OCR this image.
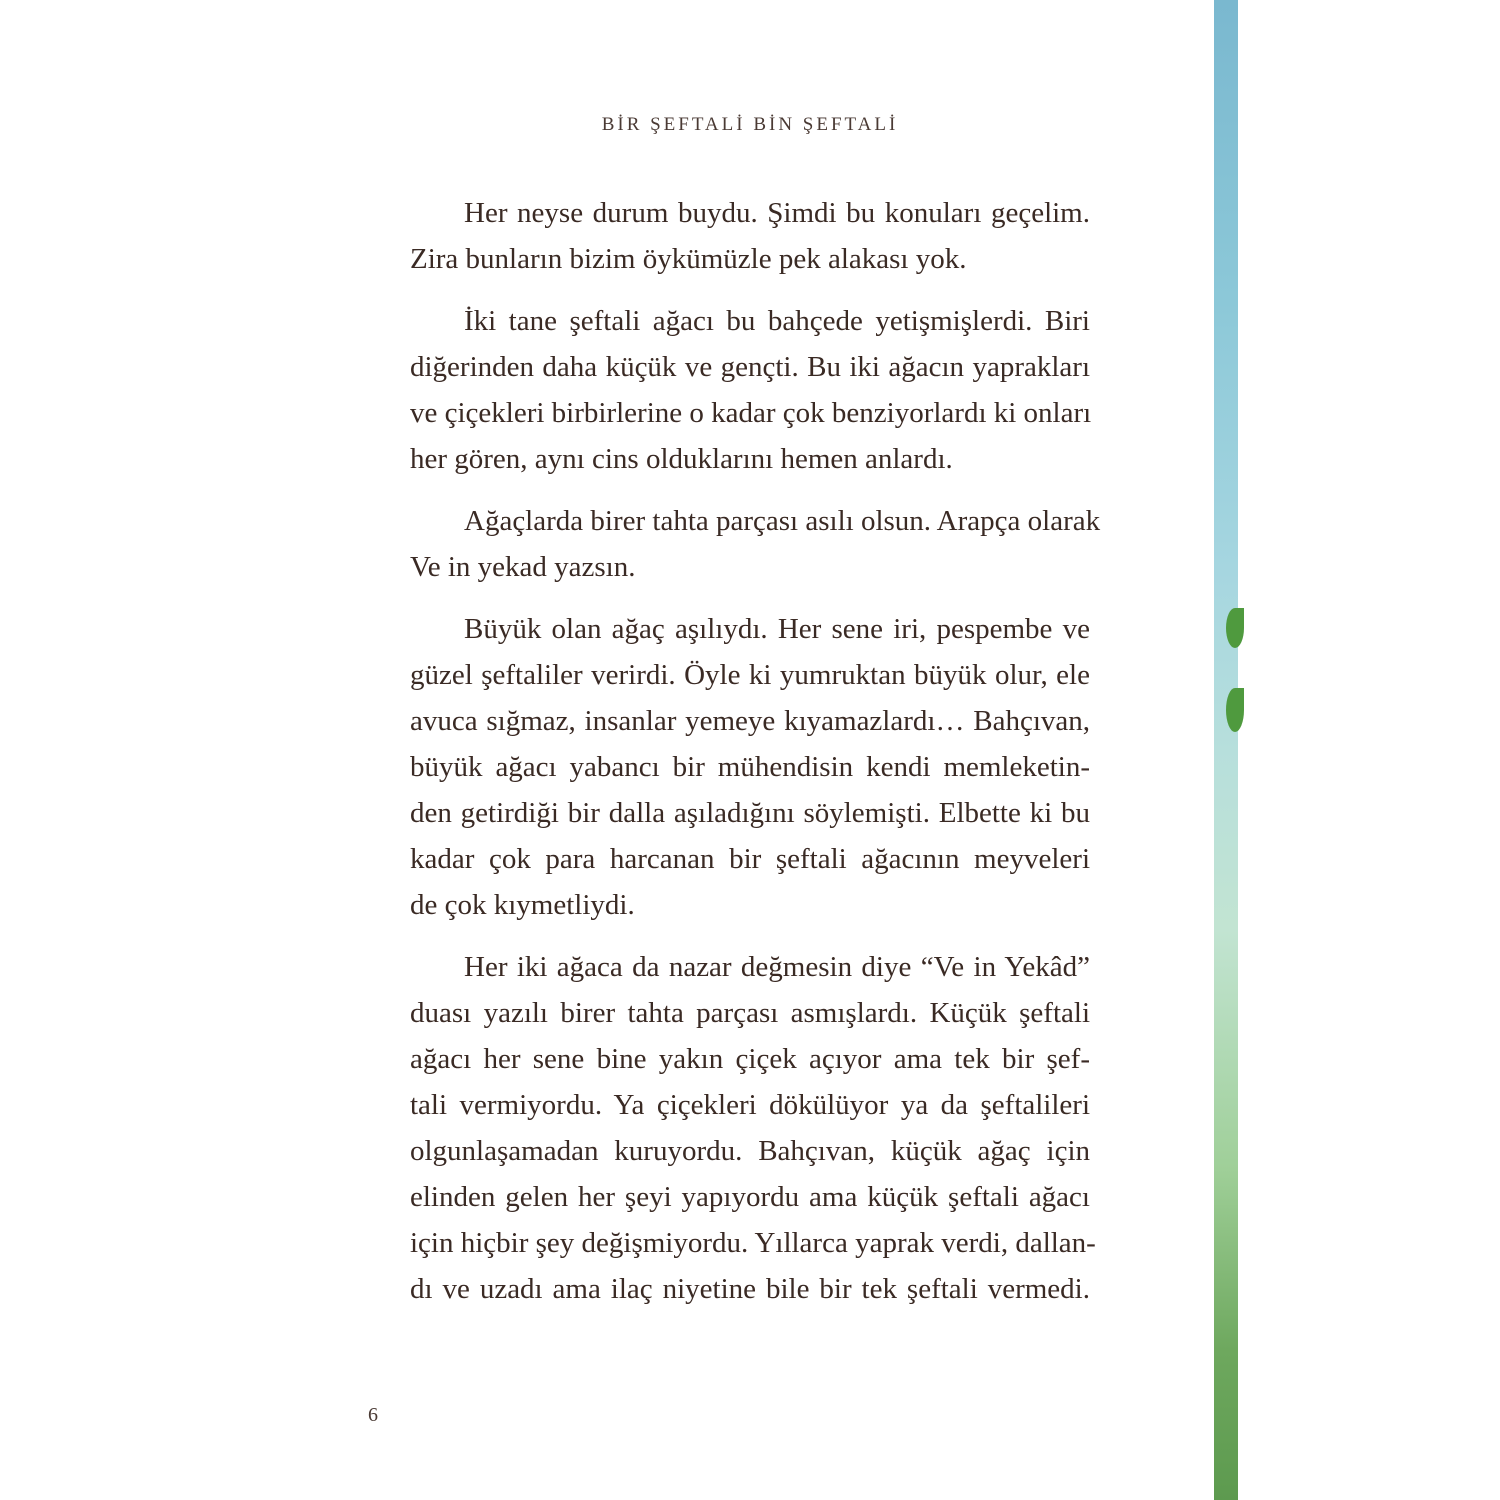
BİR ŞEFTALİ BİN ŞEFTALİ
Her neyse durum buydu. Şimdi bu konuları geçelim.
Zira bunların bizim öykümüzle pek alakası yok.
İki tane şeftali ağacı bu bahçede yetişmişlerdi. Biri
diğerinden daha küçük ve gençti. Bu iki ağacın yaprakları
ve çiçekleri birbirlerine o kadar çok benziyorlardı ki onları
her gören, aynı cins olduklarını hemen anlardı.
Ağaçlarda birer tahta parçası asılı olsun. Arapça olarak
Ve in yekad yazsın.
Büyük olan ağaç aşılıydı. Her sene iri, pespembe ve
güzel şeftaliler verirdi. Öyle ki yumruktan büyük olur, ele
avuca sığmaz, insanlar yemeye kıyamazlardı… Bahçıvan,
büyük ağacı yabancı bir mühendisin kendi memleketin-
den getirdiği bir dalla aşıladığını söylemişti. Elbette ki bu
kadar çok para harcanan bir şeftali ağacının meyveleri
de çok kıymetliydi.
Her iki ağaca da nazar değmesin diye “Ve in Yekâd”
duası yazılı birer tahta parçası asmışlardı. Küçük şeftali
ağacı her sene bine yakın çiçek açıyor ama tek bir şef-
tali vermiyordu. Ya çiçekleri dökülüyor ya da şeftalileri
olgunlaşamadan kuruyordu. Bahçıvan, küçük ağaç için
elinden gelen her şeyi yapıyordu ama küçük şeftali ağacı
için hiçbir şey değişmiyordu. Yıllarca yaprak verdi, dallan-
dı ve uzadı ama ilaç niyetine bile bir tek şeftali vermedi.
6
